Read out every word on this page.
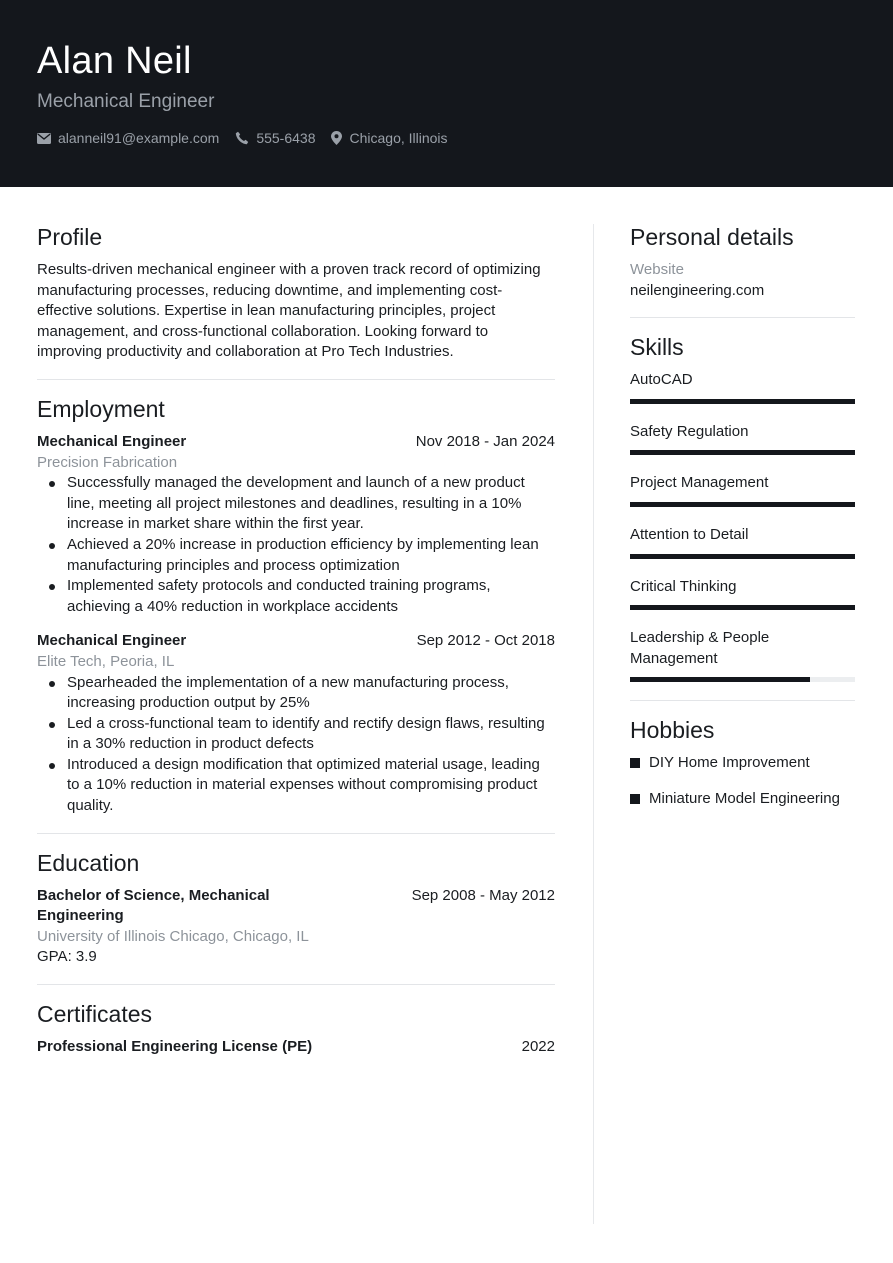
Alan Neil
Mechanical Engineer
alanneil91@example.com	555-6438 Chicago, Illinois
Profile

Results-driven mechanical engineer with a proven track record of optimizing manufacturing processes, reducing downtime, and implementing cost-effective solutions. Expertise in lean manufacturing principles, project management, and cross-functional collaboration. Looking forward to improving productivity and collaboration at Pro Tech Industries.

Employment
Mechanical Engineer	Nov 2018 - Jan 2024
Precision Fabrication
Successfully managed the development and launch of a new product line, meeting all project milestones and deadlines, resulting in a 10% increase in market share within the first year.
Achieved a 20% increase in production efficiency by implementing lean manufacturing principles and process optimization
Implemented safety protocols and conducted training programs, achieving a 40% reduction in workplace accidents
Mechanical Engineer	Sep 2012 - Oct 2018
Elite Tech, Peoria, IL
Spearheaded the implementation of a new manufacturing process, increasing production output by 25%
Led a cross-functional team to identify and rectify design flaws, resulting in a 30% reduction in product defects
Introduced a design modification that optimized material usage, leading to a 10% reduction in material expenses without compromising product quality.
Education
Bachelor of Science, Mechanical Engineering
Sep 2008 - May 2012
University of Illinois Chicago, Chicago, IL
GPA: 3.9
Certificates
Professional Engineering License (PE)	2022
Personal details
Website
neilengineering.com
Skills
AutoCAD
Safety Regulation
Project Management
Attention to Detail
Critical Thinking
Leadership & People Management
Hobbies
DIY Home Improvement
Miniature Model Engineering
